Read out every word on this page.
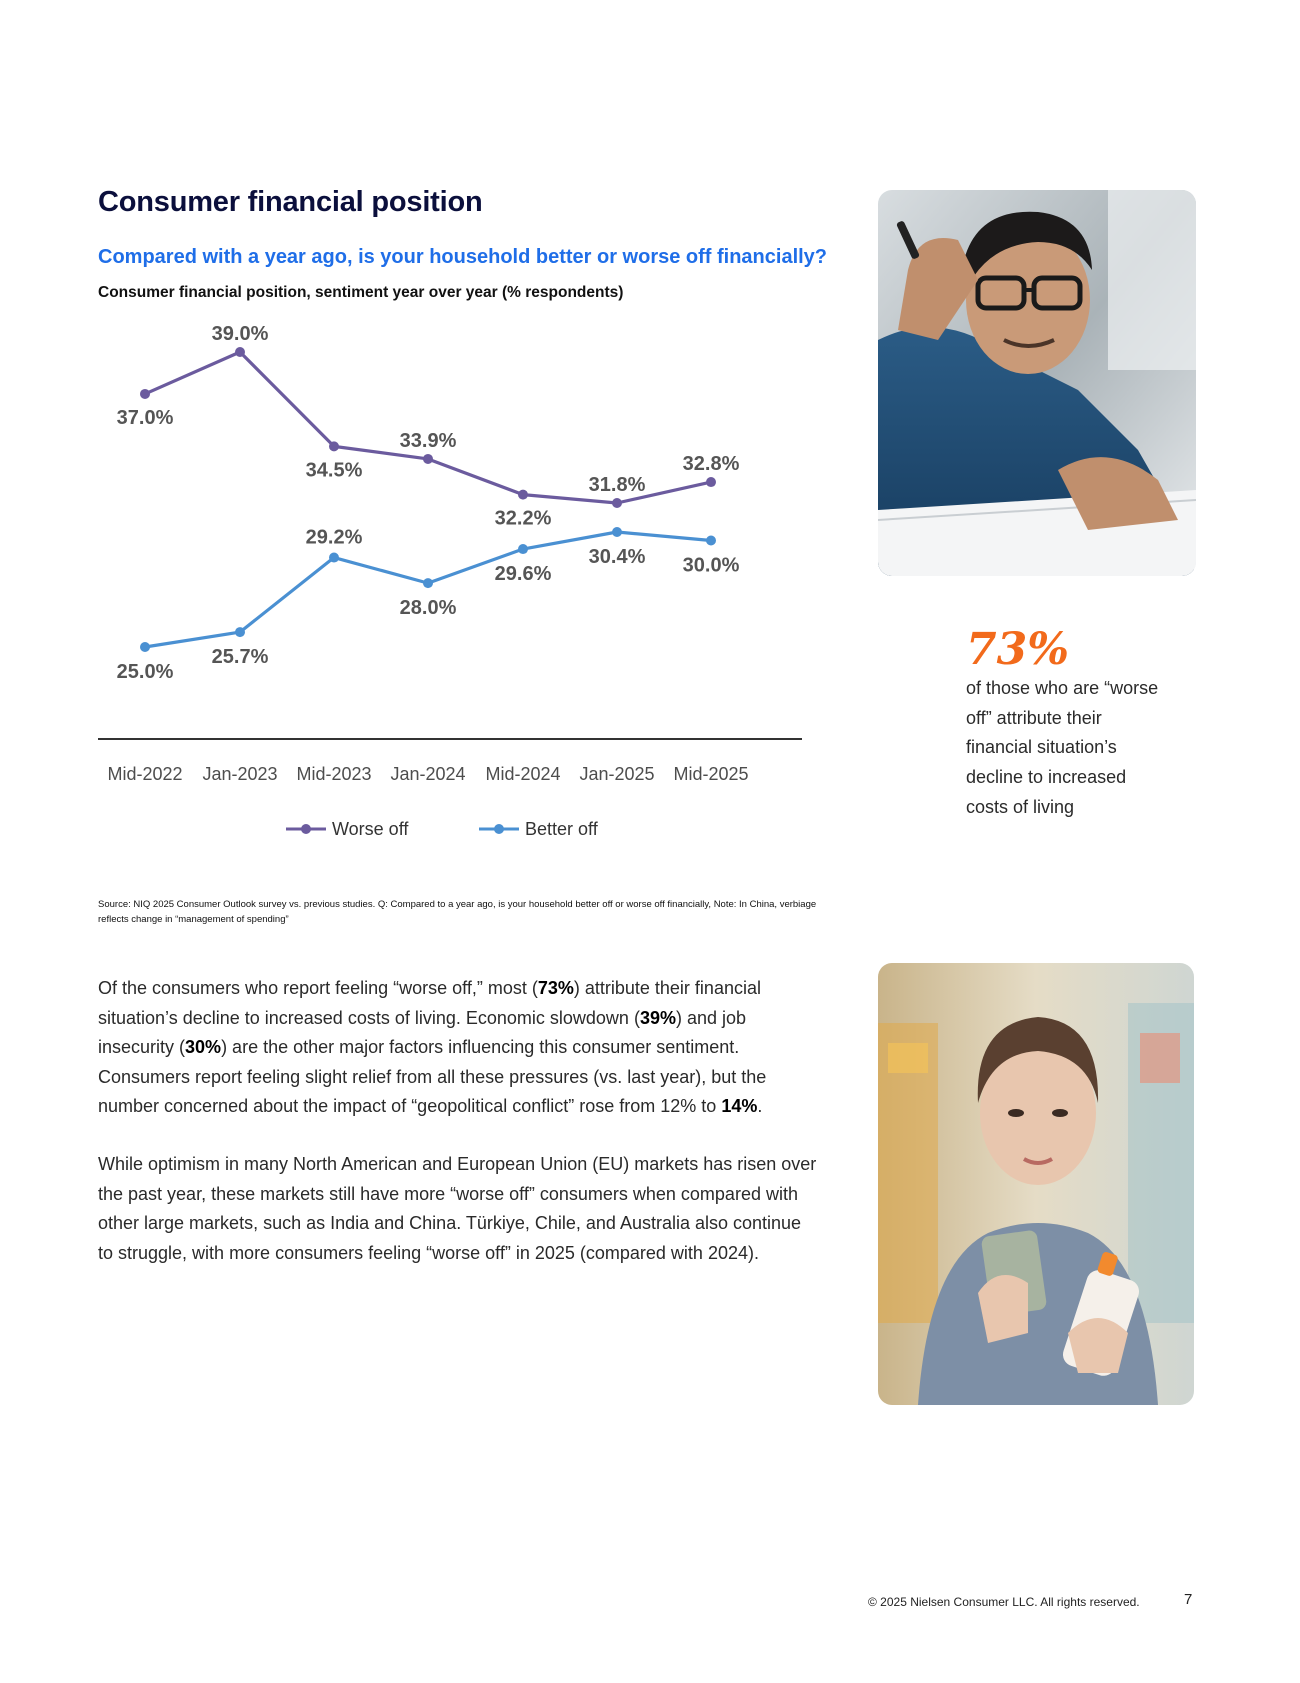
Consumer financial position
Compared with a year ago, is your household better or worse off financially?
Consumer financial position, sentiment year over year (% respondents)
37.0%
39.0%
34.5%
33.9%
32.2%
31.8%
32.8%
25.0%
25.7%
29.2%
28.0%
29.6%
30.4% 30.0%
Mid-2022 Jan-2023 Mid-2023 Jan-2024 Mid-2024 Jan-2025 Mid-2025
Worse off	Better off
Source: NIQ 2025 Consumer Outlook survey vs. previous studies. Q: Compared to a year ago, is your household better off or worse off financially, Note: In China, verbiage reflects change in “management of spending”
Of the consumers who report feeling “worse off,” most (73%) attribute their financial situation’s decline to increased costs of living. Economic slowdown (39%) and job insecurity (30%) are the other major factors influencing this consumer sentiment. Consumers report feeling slight relief from all these pressures (vs. last year), but the number concerned about the impact of “geopolitical conflict” rose from 12% to 14%.
While optimism in many North American and European Union (EU) markets has risen over the past year, these markets still have more “worse off” consumers when compared with other large markets, such as India and China. Türkiye, Chile, and Australia also continue to struggle, with more consumers feeling “worse off” in 2025 (compared with 2024).
73%
of those who are “worse off” attribute their financial situation’s decline to increased costs of living
© 2025 Nielsen Consumer LLC. All rights reserved.	7
